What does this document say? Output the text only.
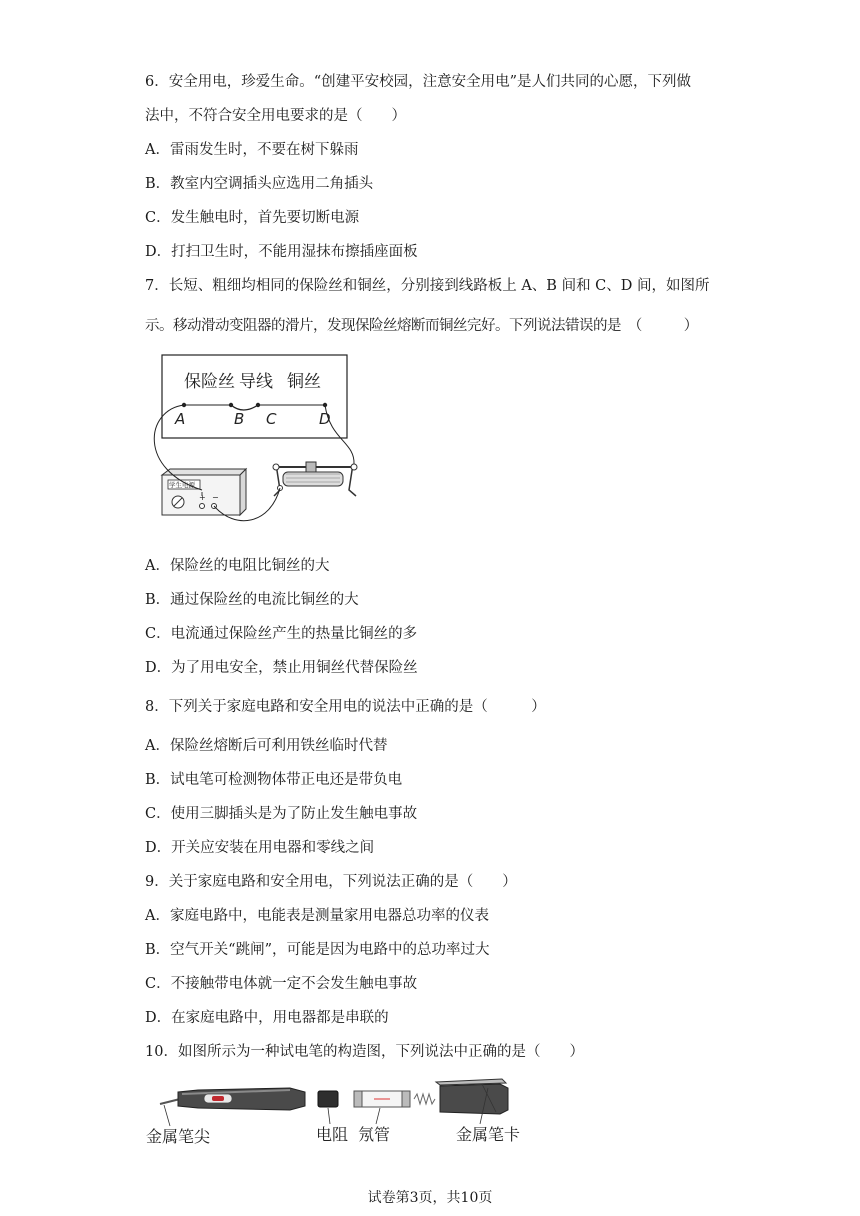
6．安全用电，珍爱生命。“创建平安校园，注意安全用电”是人们共同的心愿，下列做
法中，不符合安全用电要求的是（　　）
A．雷雨发生时，不要在树下躲雨
B．教室内空调插头应选用二角插头
C．发生触电时，首先要切断电源
D．打扫卫生时，不能用湿抹布擦插座面板
7．长短、粗细均相同的保险丝和铜丝，分别接到线路板上 A、B 间和 C、D 间，如图所
示。移动滑动变阻器的滑片，发现保险丝熔断而铜丝完好。下列说法错误的是　（　　　）
保险丝 导线 铜丝
A	B C	D
学生电源
+ −
A．保险丝的电阻比铜丝的大
B．通过保险丝的电流比铜丝的大
C．电流通过保险丝产生的热量比铜丝的多
D．为了用电安全，禁止用铜丝代替保险丝
8．下列关于家庭电路和安全用电的说法中正确的是（　　　）
A．保险丝熔断后可利用铁丝临时代替
B．试电笔可检测物体带正电还是带负电
C．使用三脚插头是为了防止发生触电事故
D．开关应安装在用电器和零线之间
9．关于家庭电路和安全用电，下列说法正确的是（　　）
A．家庭电路中，电能表是测量家用电器总功率的仪表
B．空气开关“跳闸”，可能是因为电路中的总功率过大
C．不接触带电体就一定不会发生触电事故
D．在家庭电路中，用电器都是串联的
10．如图所示为一种试电笔的构造图，下列说法中正确的是（　　）
金属笔尖	电阻 氖管	金属笔卡
试卷第3页，共10页
